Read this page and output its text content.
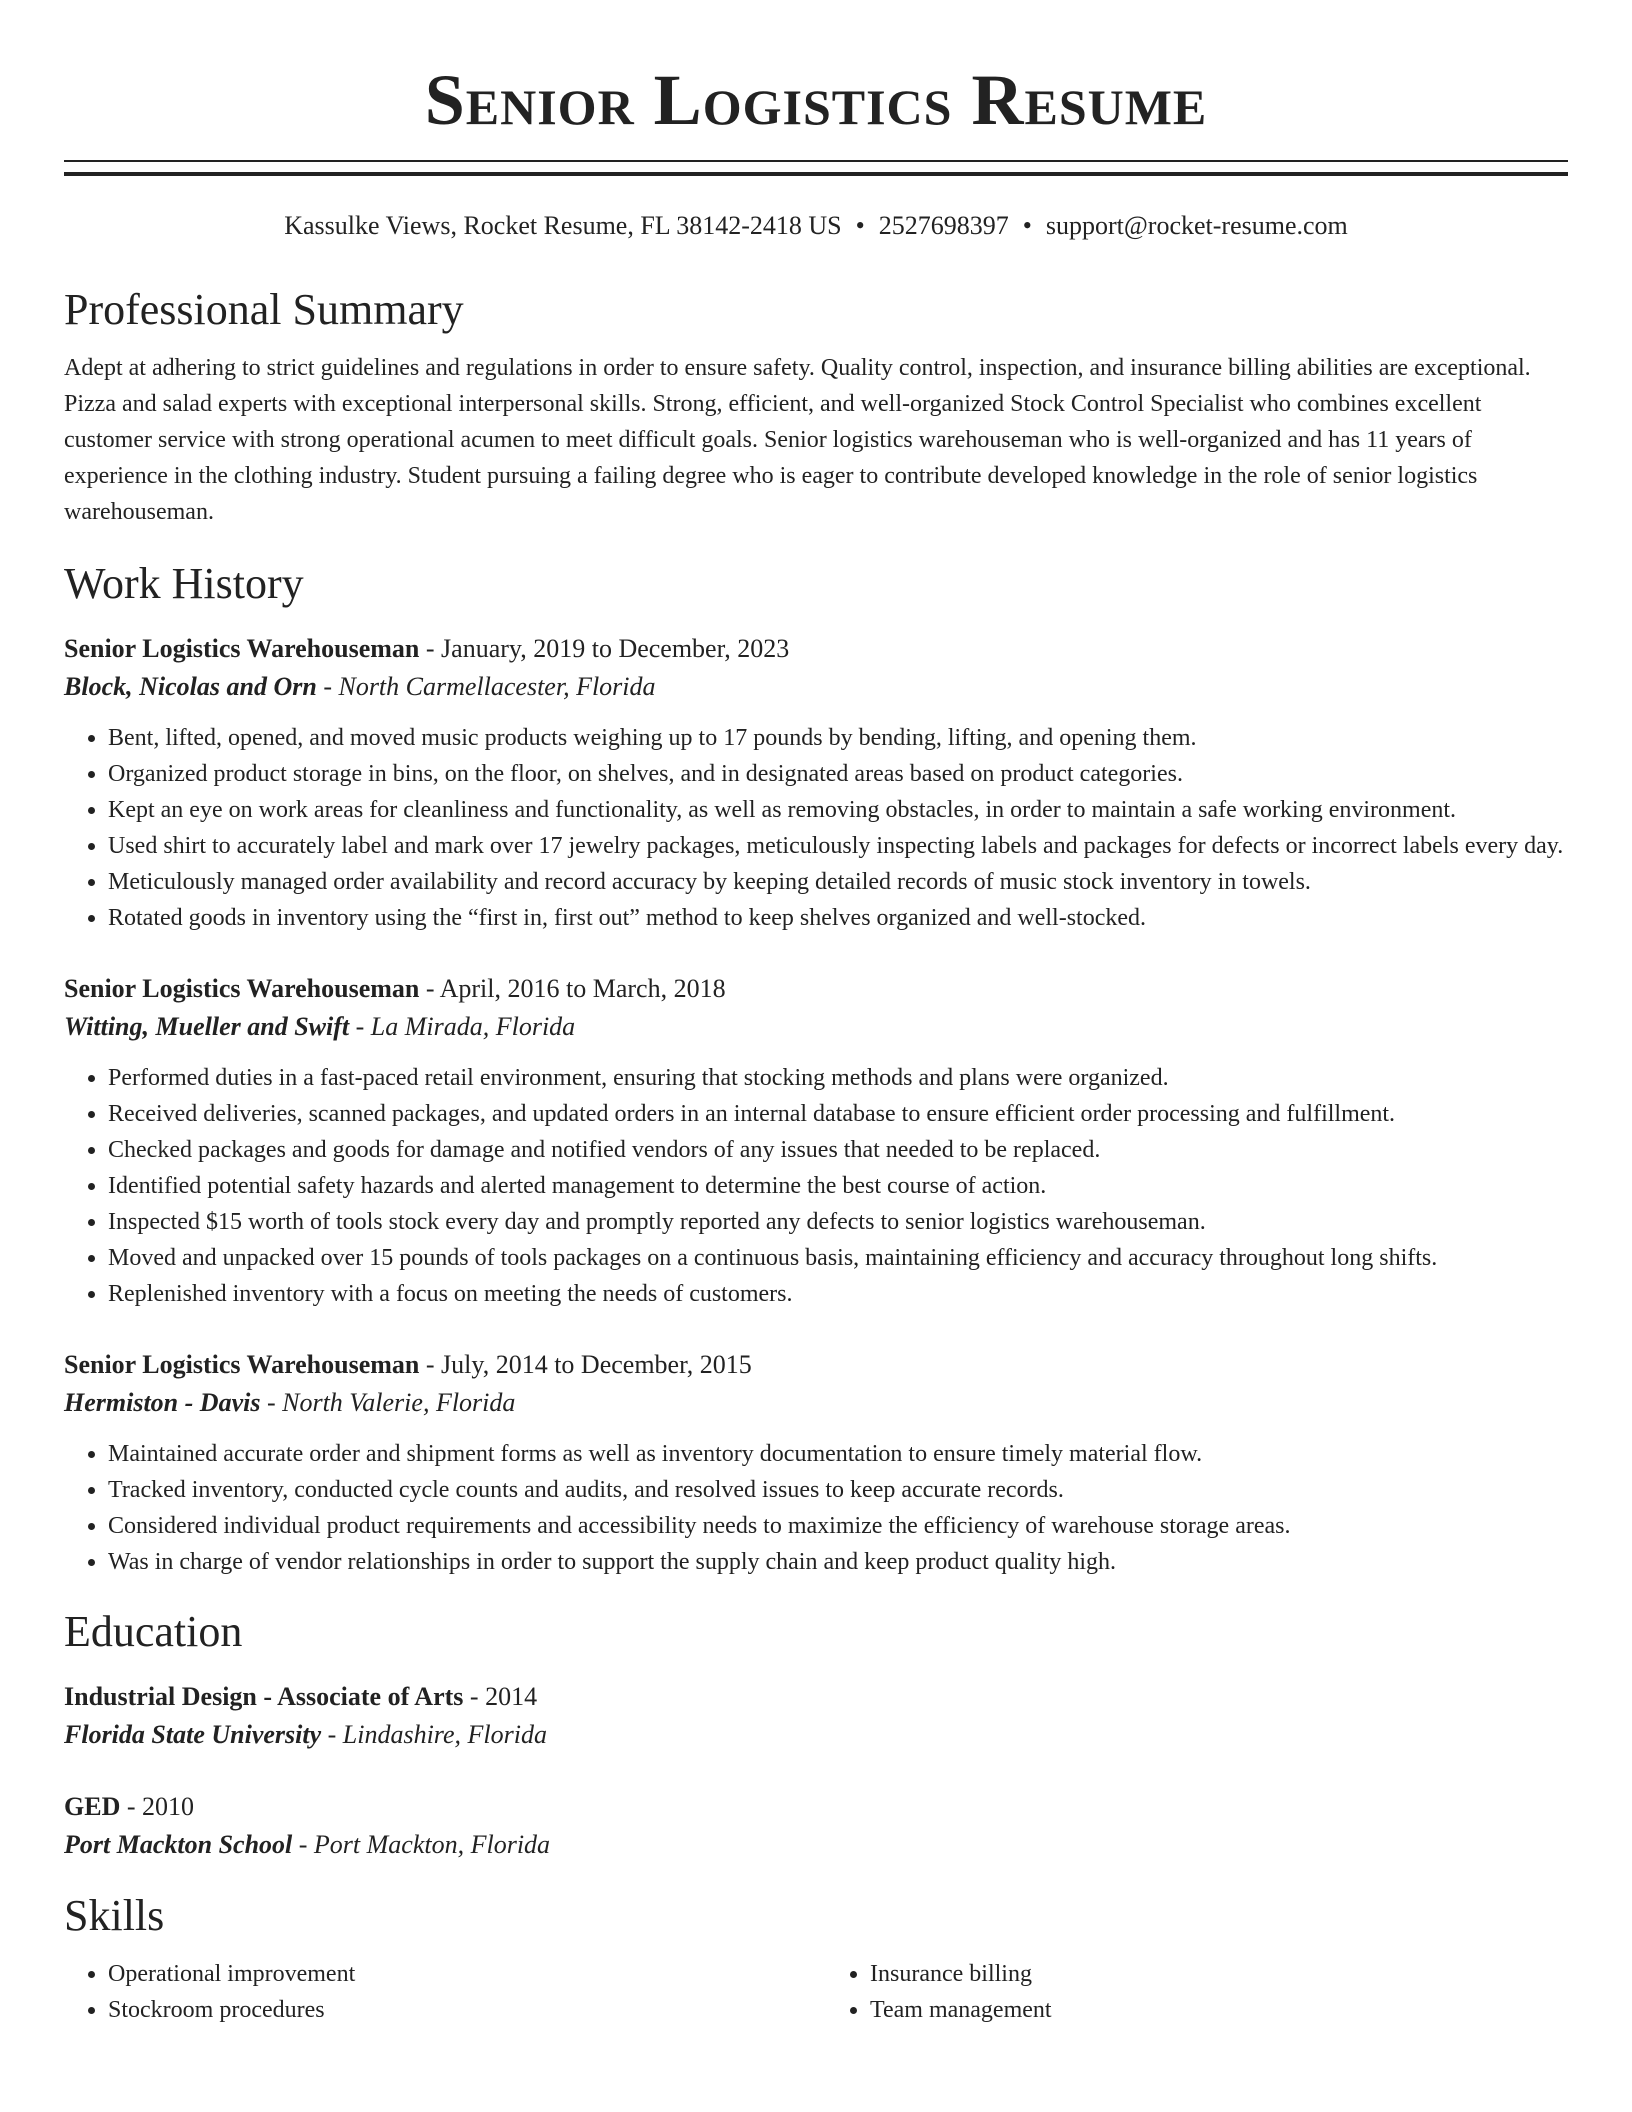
Senior Logistics Resume
Kassulke Views, Rocket Resume, FL 38142-2418 US • 2527698397 • support@rocket-resume.com
Professional Summary
Adept at adhering to strict guidelines and regulations in order to ensure safety. Quality control, inspection, and insurance billing abilities are exceptional. Pizza and salad experts with exceptional interpersonal skills. Strong, efficient, and well-organized Stock Control Specialist who combines excellent customer service with strong operational acumen to meet difficult goals. Senior logistics warehouseman who is well-organized and has 11 years of experience in the clothing industry. Student pursuing a failing degree who is eager to contribute developed knowledge in the role of senior logistics warehouseman.
Work History
Senior Logistics Warehouseman - January, 2019 to December, 2023
Block, Nicolas and Orn - North Carmellacester, Florida
• Bent, lifted, opened, and moved music products weighing up to 17 pounds by bending, lifting, and opening them.
• Organized product storage in bins, on the floor, on shelves, and in designated areas based on product categories.
• Kept an eye on work areas for cleanliness and functionality, as well as removing obstacles, in order to maintain a safe working environment.
• Used shirt to accurately label and mark over 17 jewelry packages, meticulously inspecting labels and packages for defects or incorrect labels every day.
• Meticulously managed order availability and record accuracy by keeping detailed records of music stock inventory in towels.
• Rotated goods in inventory using the “first in, first out” method to keep shelves organized and well-stocked.
Senior Logistics Warehouseman - April, 2016 to March, 2018
Witting, Mueller and Swift - La Mirada, Florida
• Performed duties in a fast-paced retail environment, ensuring that stocking methods and plans were organized.
• Received deliveries, scanned packages, and updated orders in an internal database to ensure efficient order processing and fulfillment.
• Checked packages and goods for damage and notified vendors of any issues that needed to be replaced.
• Identified potential safety hazards and alerted management to determine the best course of action.
• Inspected $15 worth of tools stock every day and promptly reported any defects to senior logistics warehouseman.
• Moved and unpacked over 15 pounds of tools packages on a continuous basis, maintaining efficiency and accuracy throughout long shifts.
• Replenished inventory with a focus on meeting the needs of customers.
Senior Logistics Warehouseman - July, 2014 to December, 2015
Hermiston - Davis - North Valerie, Florida
• Maintained accurate order and shipment forms as well as inventory documentation to ensure timely material flow.
• Tracked inventory, conducted cycle counts and audits, and resolved issues to keep accurate records.
• Considered individual product requirements and accessibility needs to maximize the efficiency of warehouse storage areas.
• Was in charge of vendor relationships in order to support the supply chain and keep product quality high.
Education
Industrial Design - Associate of Arts - 2014
Florida State University - Lindashire, Florida
GED - 2010
Port Mackton School - Port Mackton, Florida
Skills
• Operational improvement
• Stockroom procedures
• Insurance billing
• Team management
